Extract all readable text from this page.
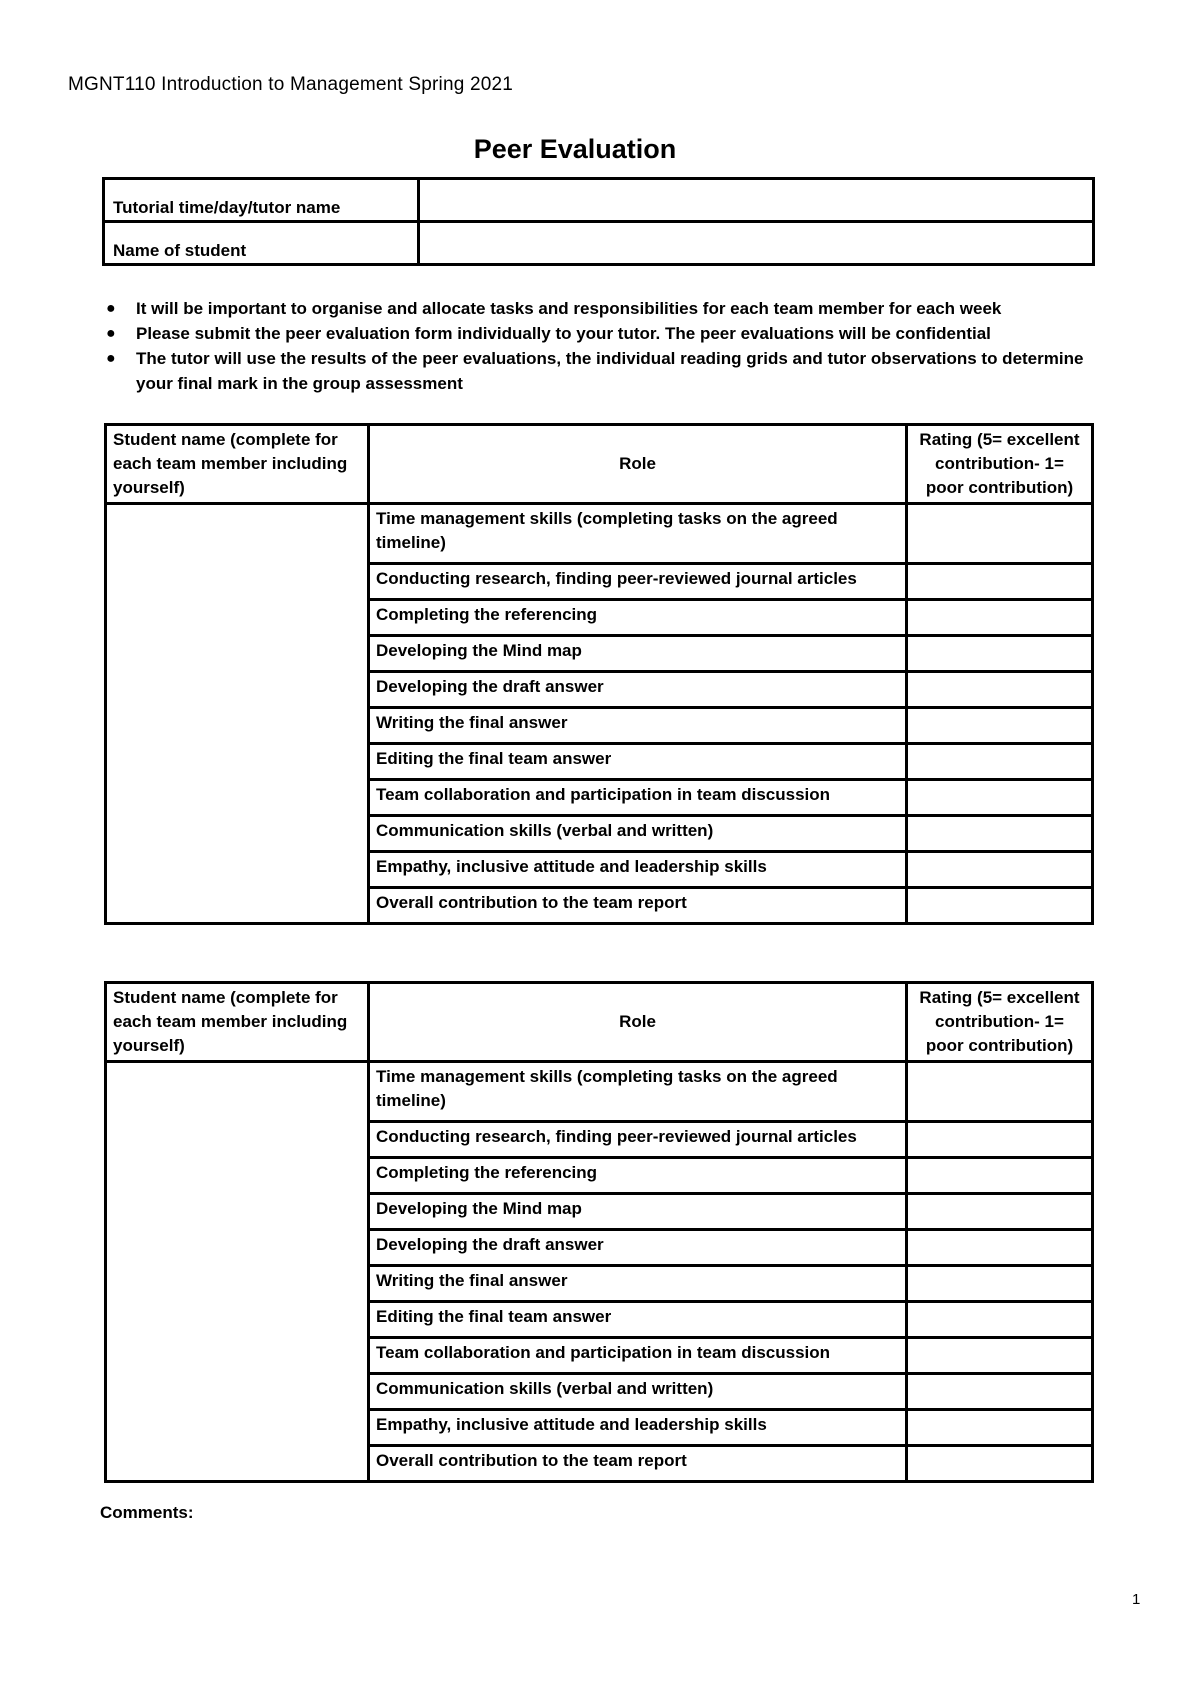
MGNT110 Introduction to Management Spring 2021
Peer Evaluation
Tutorial time/day/tutor name	
Name of student	
● It will be important to organise and allocate tasks and responsibilities for each team member for each week
● Please submit the peer evaluation form individually to your tutor. The peer evaluations will be confidential
● The tutor will use the results of the peer evaluations, the individual reading grids and tutor observations to determine your final mark in the group assessment
Student name (complete for each team member including yourself)	Role	Rating (5= excellent contribution- 1= poor contribution)
	Time management skills (completing tasks on the agreed timeline)	
	Conducting research, finding peer-reviewed journal articles	
	Completing the referencing	
	Developing the Mind map	
	Developing the draft answer	
	Writing the final answer	
	Editing the final team answer	
	Team collaboration and participation in team discussion	
	Communication skills (verbal and written)	
	Empathy, inclusive attitude and leadership skills	
	Overall contribution to the team report	
Student name (complete for each team member including yourself)	Role	Rating (5= excellent contribution- 1= poor contribution)
	Time management skills (completing tasks on the agreed timeline)	
	Conducting research, finding peer-reviewed journal articles	
	Completing the referencing	
	Developing the Mind map	
	Developing the draft answer	
	Writing the final answer	
	Editing the final team answer	
	Team collaboration and participation in team discussion	
	Communication skills (verbal and written)	
	Empathy, inclusive attitude and leadership skills	
	Overall contribution to the team report	
Comments:
1
